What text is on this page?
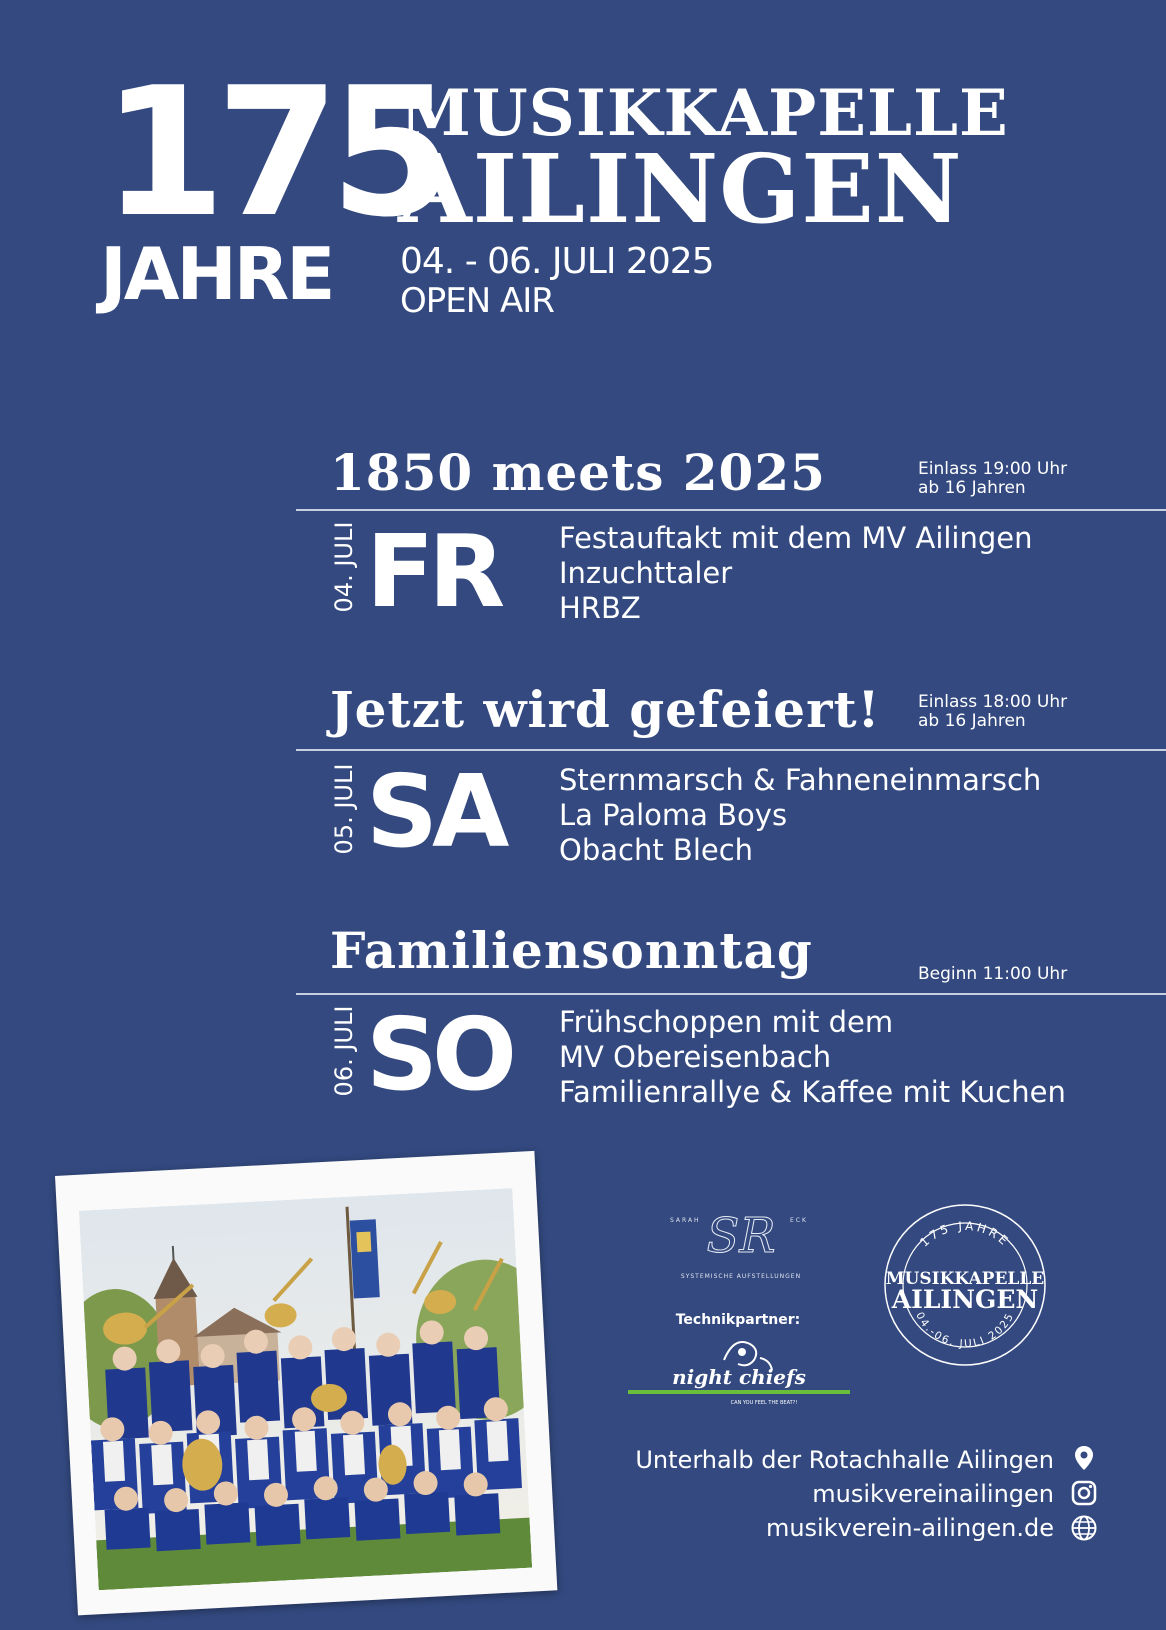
175
JAHRE
MUSIKKAPELLE
AILINGEN
04. - 06. JULI 2025
OPEN AIR
1850 meets 2025	Einlass 19:00 Uhr
ab 16 Jahren
04. JULI FR Festauftakt mit dem MV Ailingen
Inzuchttaler
HRBZ
Jetzt wird gefeiert! Einlass 18:00 Uhr
ab 16 Jahren
05. JULI SA Sternmarsch & Fahneneinmarsch
La Paloma Boys
Obacht Blech
Familiensonntag	Beginn 11:00 Uhr
06. JULI SO Frühschoppen mit dem
MV Obereisenbach
Familienrallye & Kaffee mit Kuchen
SARAH	ECK
SR
SYSTEMISCHE AUFSTELLUNGEN
Technikpartner:
night chiefs
CAN YOU FEEL THE BEAT?!
175 JAHRE
MUSIKKAPELLE
AILINGEN
04.-06. JULI 2025
Unterhalb der Rotachhalle Ailingen
musikvereinailingen
musikverein-ailingen.de
